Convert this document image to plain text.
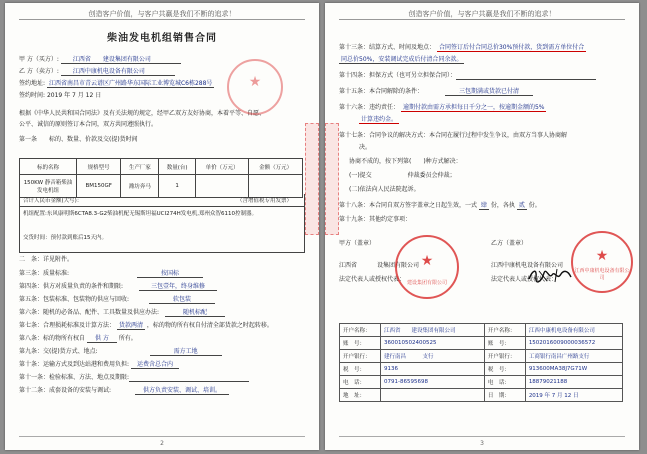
创造客户价值，与客户共赢是我们不断的追求！
柴油发电机组销售合同
甲 方（买方）: 江西省　　建设集团有限公司
乙 方（卖方）: 江西中康机电设备有限公司
签约地址: 江西省南昌市青云谱区广州路华东国际工业博览城C6栋288号
签约时间: 2019 年 7 月 12 日
根据《中华人民共和国合同法》及有关法规的规定，经甲乙双方友好协商，本着平等、自愿、
公平、诚信的原则签订本合同，双方共同遵照执行。
第一条　　标的、数量、价款及交(提)货时间
标的名称	规格型号	生产厂家	数量(台)	单价（万元）	金额（万元）
150KW 静音箱柴油发电机组	BM150GF	潍坊奔马	1		
合计人民币金额(大写)：	（含增值税专用发票）
机组配置:东风康明斯6CTA8.3-G2柴油机配无锡斯坦福UCI274H发电机,郑州众智6110控制器。
交货时间：预付款到账后15天内。
二　条：详见附件。
第三条：质量标准:	按国标
第四条：供方对质量负责的条件和期限:	三包壹年，终身维修
第五条：包装标准、包装物的供应与回收:	软包装
第六条：随机的必备品、配件、工具数量及供应办法:	随机标配
第七条：合理损耗标准及计算方法： 货款两清 ，标的物的所有权自付清全部货款之时起转移。
第八条：标的物所有权自 供 方 所有。
第九条：交(提)货方式、地点:	需方工地
第十条：运输方式及到达站港和费用负担: 运费含总合内
第十一条：检验标准、方法、地点及期限:
第十二条：成套设备的安装与调试:	供方负责安装、调试、培训。
★
2
创造客户价值，与客户共赢是我们不断的追求！
第十三条：结算方式、时间及地点： 合同签订后付合同总价30%预付款，货到需方单位付合
同总价50%，安装调试完成后付清合同余款。
第十四条：担保方式（也可另立担保合同）：
第十五条：本合同解除的条件：	三包期满或货款已付清
第十六条：违约责任： 逾期付款由需方承担每日千分之一，按逾期金额的5%
计算违约金。
第十七条：合同争议的解决方式：本合同在履行过程中发生争议，由双方当事人协商解
决。
协商不成的，按下列第(　　)种方式解决：
(一)提交　　　　　　仲裁委员会仲裁；
(二)依法向人民法院起诉。
第十八条：本合同自双方签字盖章之日起生效，一式 肆 份，各执 贰 份。
第十九条：其他约定事项：
甲方（盖章）	乙方（盖章）
江西省	设集团有限公司	江西中康机电设备有限公司
法定代表人或授权代表：	法定代表人或授权代表：
★
建设集团有限公司
★
江西中康机电设备有限公司
开户名称：	江西省　　建设集团有限公司	开户名称：	江西中康机电设备有限公司
账　号：	360010502400525	账　号：	1502016009000036572
开户银行：	建行南昌　　　支行	开户银行：	工商银行南昌广州路支行
税　号：	9136	税　号：	913600MA38J7G71W
电　话：	0791-86595698	电　话：	18879021188
地　址：		日　期：	2019 年 7 月 12 日
3
